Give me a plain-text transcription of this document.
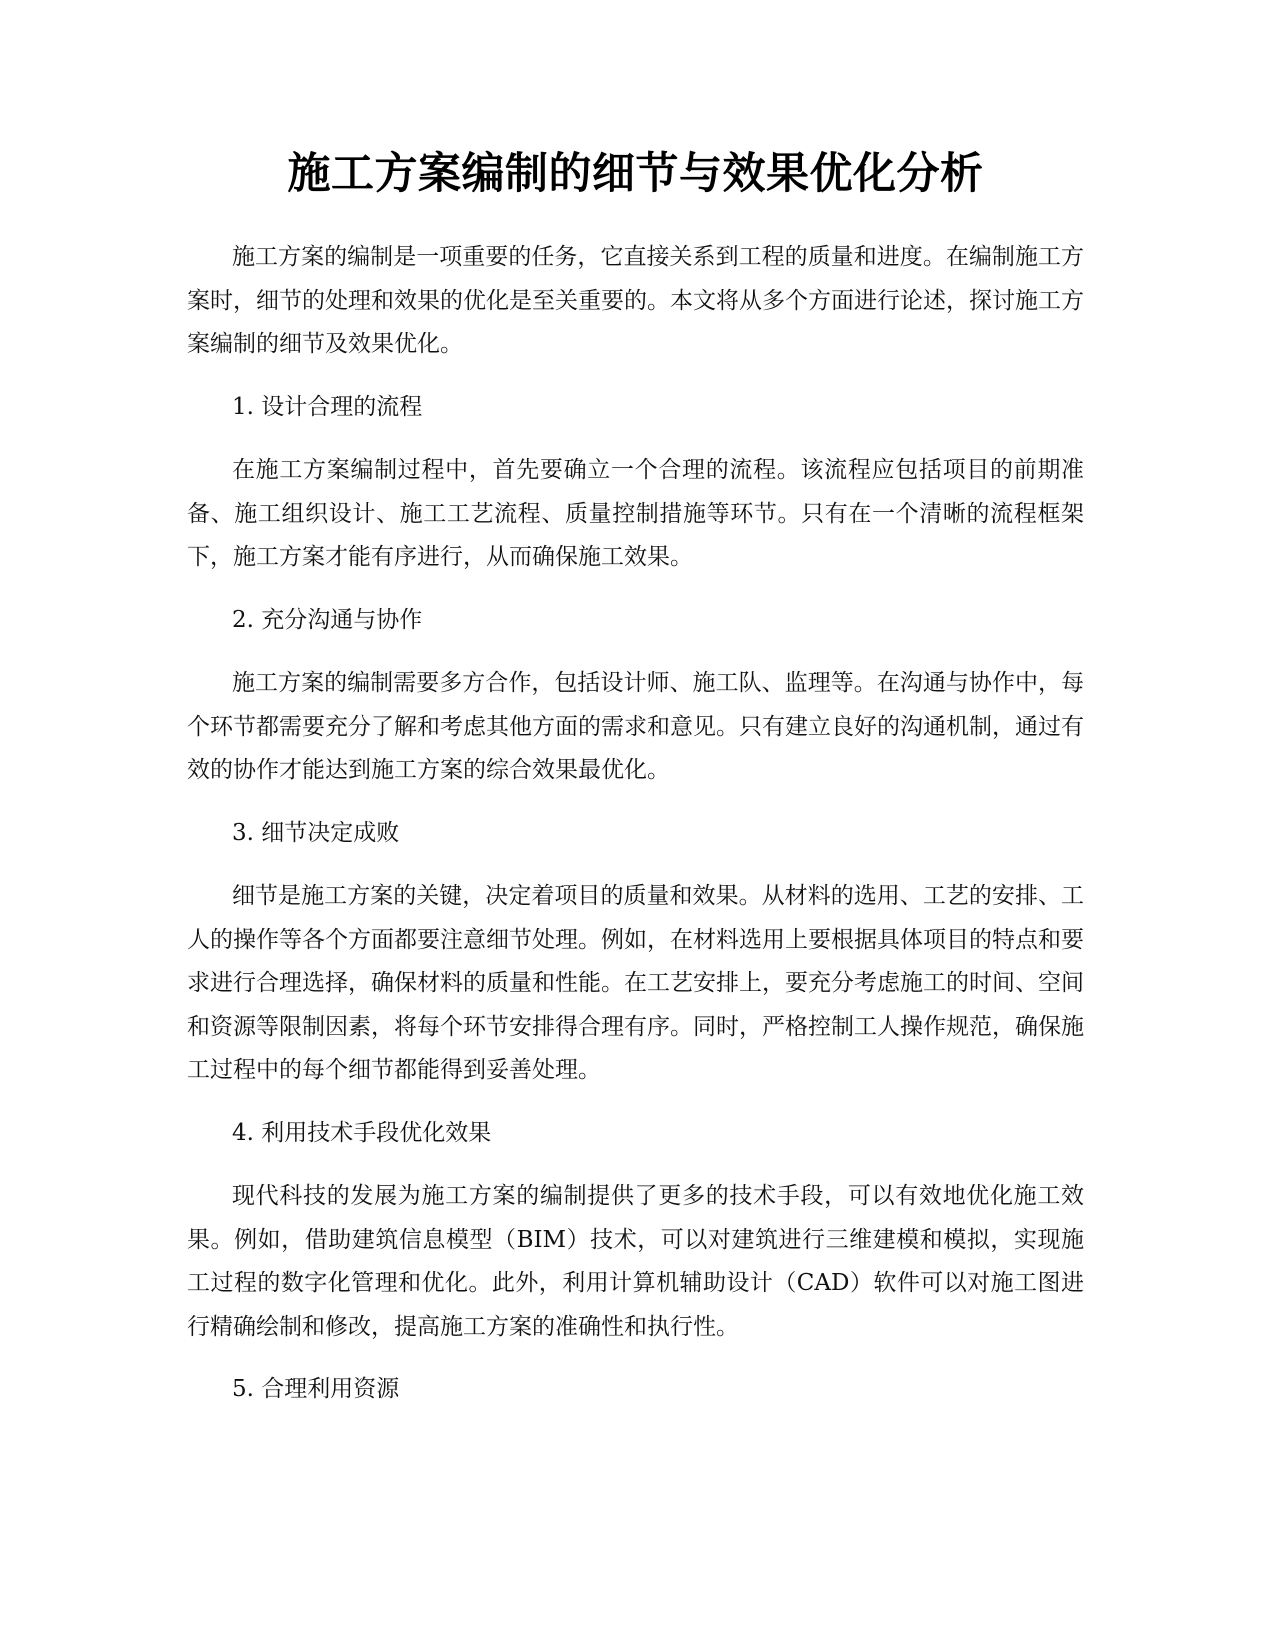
施工方案编制的细节与效果优化分析

施工方案的编制是一项重要的任务，它直接关系到工程的质量和进度。在编制施工方案时，细节的处理和效果的优化是至关重要的。本文将从多个方面进行论述，探讨施工方案编制的细节及效果优化。

1. 设计合理的流程

在施工方案编制过程中，首先要确立一个合理的流程。该流程应包括项目的前期准备、施工组织设计、施工工艺流程、质量控制措施等环节。只有在一个清晰的流程框架下，施工方案才能有序进行，从而确保施工效果。

2. 充分沟通与协作

施工方案的编制需要多方合作，包括设计师、施工队、监理等。在沟通与协作中，每个环节都需要充分了解和考虑其他方面的需求和意见。只有建立良好的沟通机制，通过有效的协作才能达到施工方案的综合效果最优化。

3. 细节决定成败

细节是施工方案的关键，决定着项目的质量和效果。从材料的选用、工艺的安排、工人的操作等各个方面都要注意细节处理。例如，在材料选用上要根据具体项目的特点和要求进行合理选择，确保材料的质量和性能。在工艺安排上，要充分考虑施工的时间、空间和资源等限制因素，将每个环节安排得合理有序。同时，严格控制工人操作规范，确保施工过程中的每个细节都能得到妥善处理。

4. 利用技术手段优化效果

现代科技的发展为施工方案的编制提供了更多的技术手段，可以有效地优化施工效果。例如，借助建筑信息模型（BIM）技术，可以对建筑进行三维建模和模拟，实现施工过程的数字化管理和优化。此外，利用计算机辅助设计（CAD）软件可以对施工图进行精确绘制和修改，提高施工方案的准确性和执行性。

5. 合理利用资源
